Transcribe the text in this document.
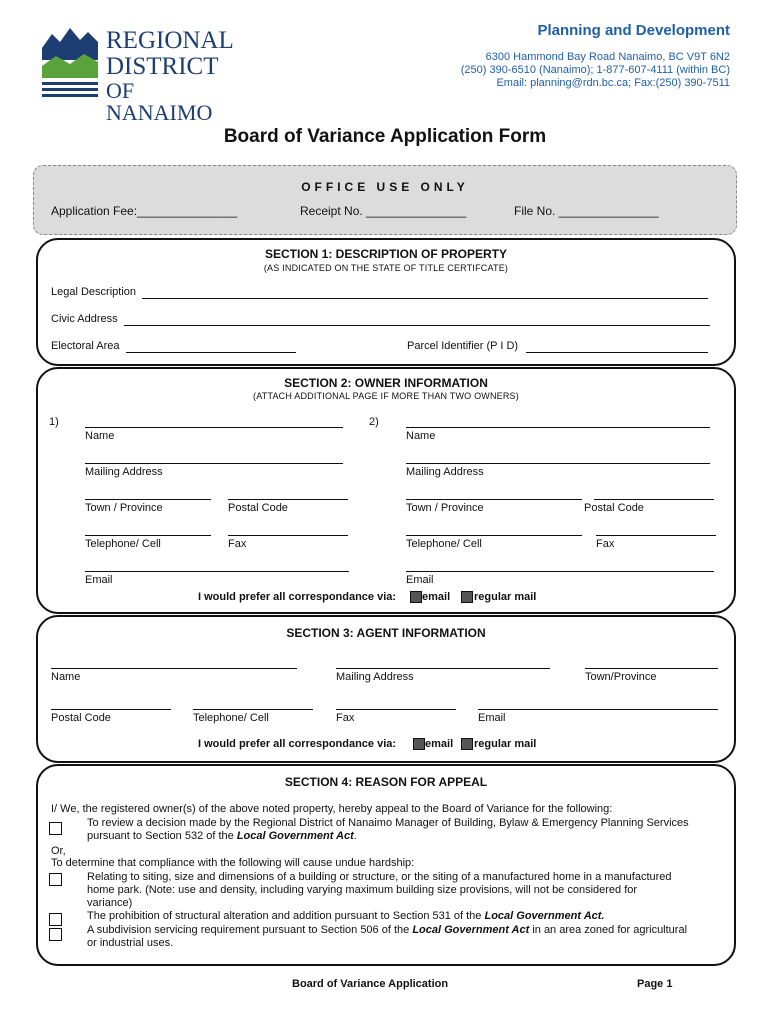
REGIONAL
DISTRICT
OF NANAIMO
Planning and Development
6300 Hammond Bay Road Nanaimo, BC V9T 6N2
(250) 390-6510 (Nanaimo); 1-877-607-4111 (within BC)
Email: planning@rdn.bc.ca; Fax:(250) 390-7511
Board of Variance Application Form
OFFICE USE ONLY
Application Fee:_______________	Receipt No. _______________	File No. _______________
SECTION 1: DESCRIPTION OF PROPERTY
(AS INDICATED ON THE STATE OF TITLE CERTIFCATE)
Legal Description
Civic Address
Electoral Area	Parcel Identifier (P I D)
SECTION 2: OWNER INFORMATION
(ATTACH ADDITIONAL PAGE IF MORE THAN TWO OWNERS)
1)	2)
Name
Mailing Address
Town / Province	Postal Code
Telephone/ Cell	Fax
Email
Name
Mailing Address
Town / Province	Postal Code
Telephone/ Cell	Fax
Email
I would prefer all correspondance via: email regular mail
SECTION 3: AGENT INFORMATION
Name	Mailing Address	Town/Province
Postal Code	Telephone/ Cell	Fax	Email
I would prefer all correspondance via:	email regular mail
SECTION 4: REASON FOR APPEAL
I/ We, the registered owner(s) of the above noted property, hereby appeal to the Board of Variance for the following:
To review a decision made by the Regional District of Nanaimo Manager of Building, Bylaw & Emergency Planning Services
pursuant to Section 532 of the Local Government Act.
Or,
To determine that compliance with the following will cause undue hardship:
Relating to siting, size and dimensions of a building or structure, or the siting of a manufactured home in a manufactured
home park. (Note: use and density, including varying maximum building size provisions, will not be considered for
variance)
The prohibition of structural alteration and addition pursuant to Section 531 of the Local Government Act.
A subdivision servicing requirement pursuant to Section 506 of the Local Government Act in an area zoned for agricultural
or industrial uses.
Board of Variance Application	Page 1
